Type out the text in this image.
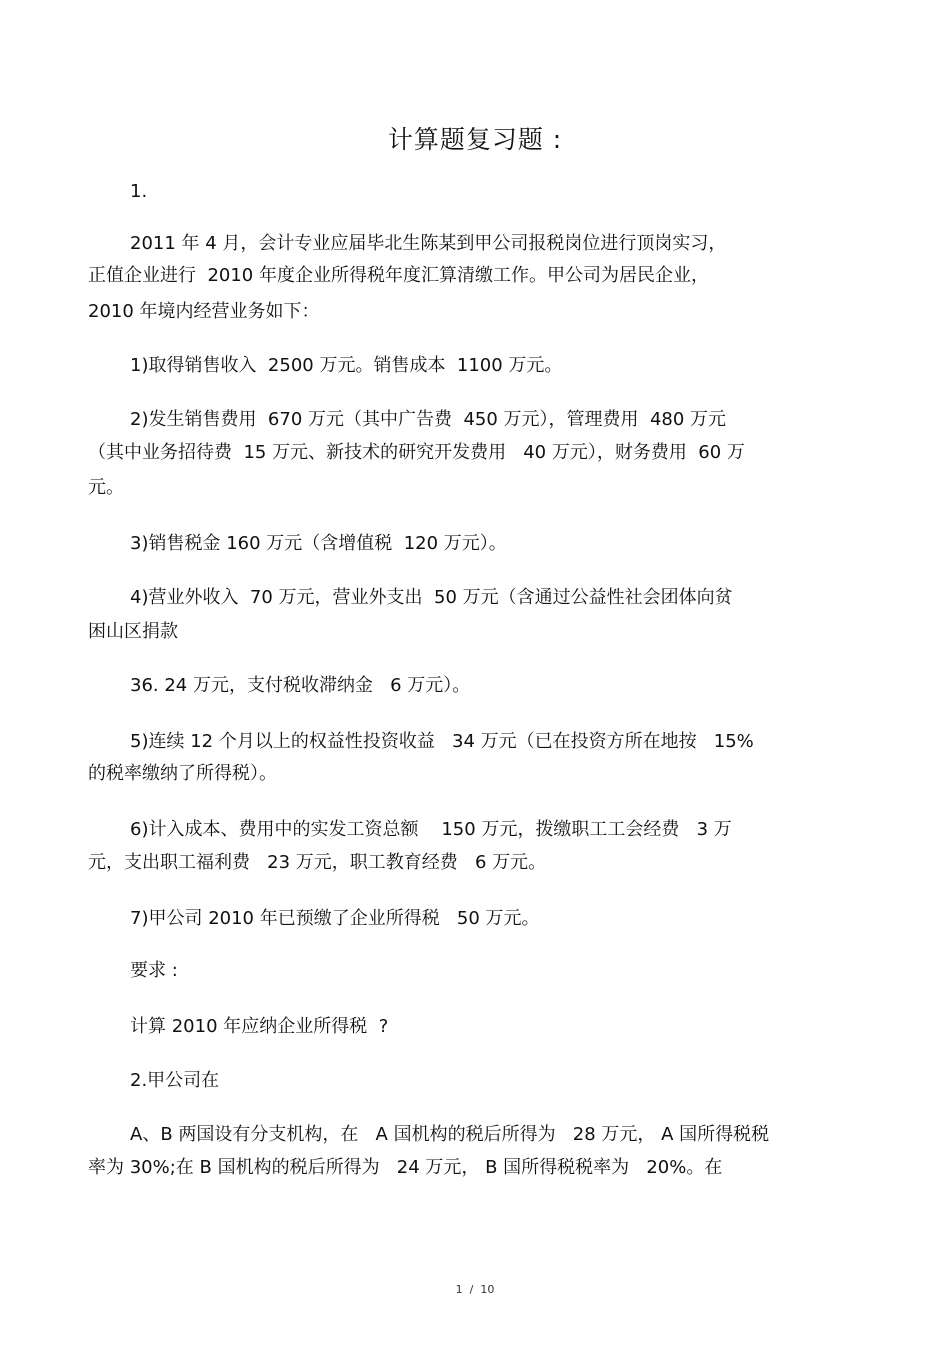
计算题复习题 :
1.
2011 年 4 月，会计专业应届毕北生陈某到甲公司报税岗位进行顶岗实习，
正值企业进行  2010 年度企业所得税年度汇算清缴工作。甲公司为居民企业，
2010 年境内经营业务如下：
1)取得销售收入  2500 万元。销售成本  1100 万元。
2)发生销售费用  670 万元（其中广告费  450 万元），管理费用  480 万元
（其中业务招待费  15 万元、新技术的研究开发费用   40 万元），财务费用  60 万
元。
3)销售税金 160 万元（含增值税  120 万元）。
4)营业外收入  70 万元，营业外支出  50 万元（含通过公益性社会团体向贫
困山区捐款
36. 24 万元，支付税收滞纳金   6 万元）。
5)连续 12 个月以上的权益性投资收益   34 万元（已在投资方所在地按   15%
的税率缴纳了所得税）。
6)计入成本、费用中的实发工资总额    150 万元，拨缴职工工会经费   3 万
元，支出职工福利费   23 万元，职工教育经费   6 万元。
7)甲公司 2010 年已预缴了企业所得税   50 万元。
要求 :
计算 2010 年应纳企业所得税  ?
2.甲公司在
A、B 两国设有分支机构，在   A 国机构的税后所得为   28 万元， A 国所得税税
率为 30%;在 B 国机构的税后所得为   24 万元， B 国所得税税率为   20%。在
1  /  10
